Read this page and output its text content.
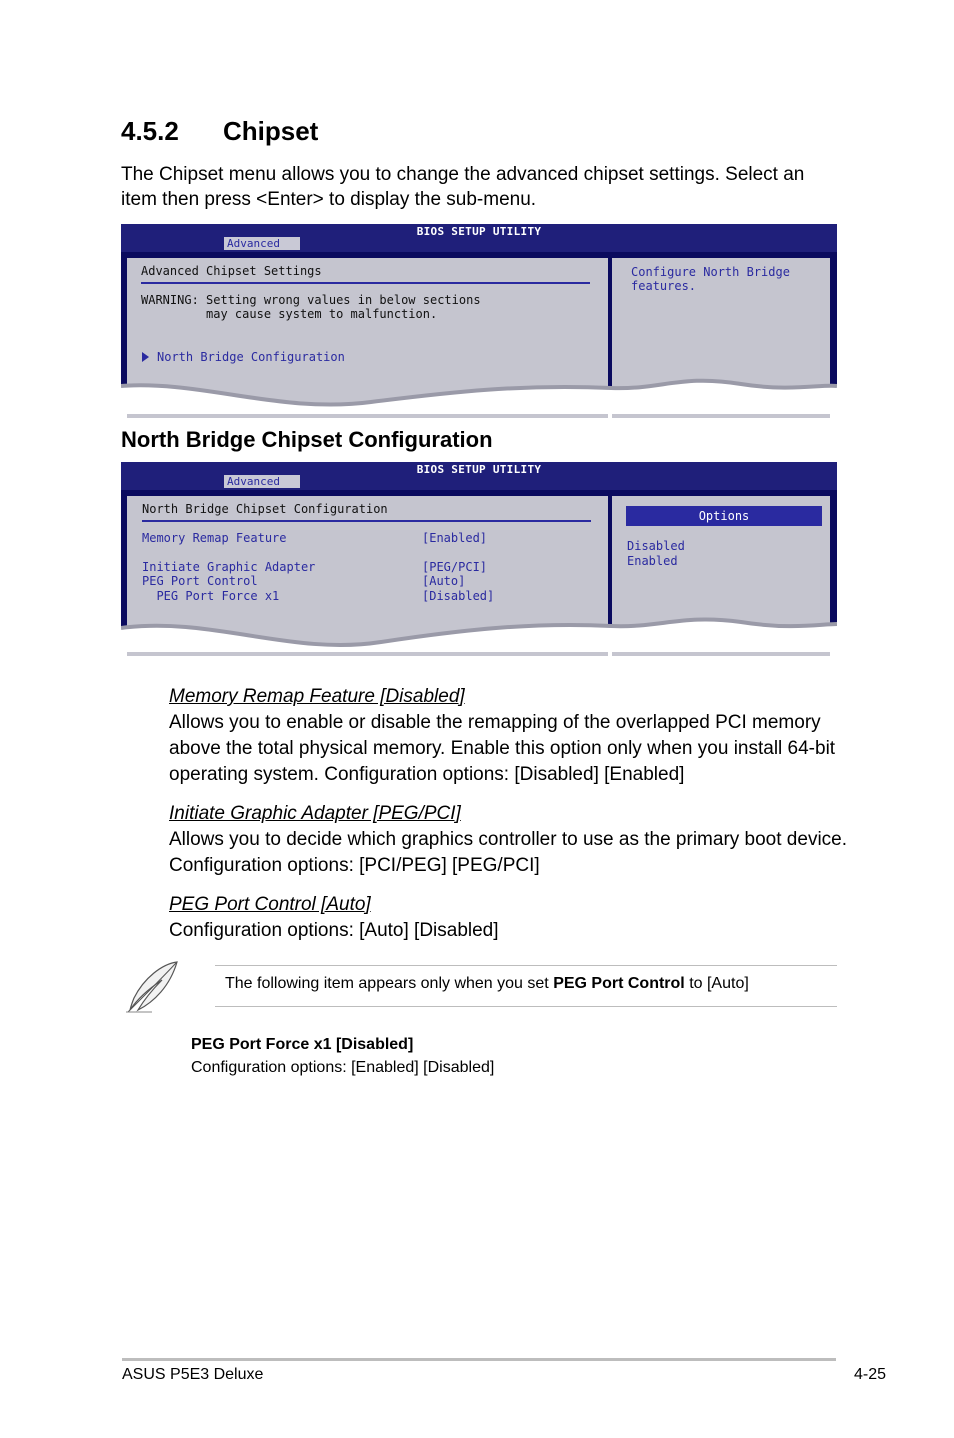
4.5.2 Chipset
The Chipset menu allows you to change the advanced chipset settings. Select an item then press <Enter> to display the sub-menu.
BIOS SETUP UTILITY
Advanced
Advanced Chipset Settings
WARNING: Setting wrong values in below sections
may cause system to malfunction.
North Bridge Configuration
Configure North Bridge
features.
North Bridge Chipset Configuration
BIOS SETUP UTILITY
Advanced
North Bridge Chipset Configuration
Memory Remap Feature	[Enabled]
Initiate Graphic Adapter	[PEG/PCI]
PEG Port Control	[Auto]
PEG Port Force x1	[Disabled]
Options
Disabled
Enabled
Memory Remap Feature [Disabled]
Allows you to enable or disable the remapping of the overlapped PCI memory above the total physical memory. Enable this option only when you install 64-bit operating system. Configuration options: [Disabled] [Enabled]
Initiate Graphic Adapter [PEG/PCI]
Allows you to decide which graphics controller to use as the primary boot device. Configuration options: [PCI/PEG] [PEG/PCI]
PEG Port Control [Auto]
Configuration options: [Auto] [Disabled]
The following item appears only when you set PEG Port Control to [Auto]
PEG Port Force x1 [Disabled]
Configuration options: [Enabled] [Disabled]
ASUS P5E3 Deluxe	4-25
